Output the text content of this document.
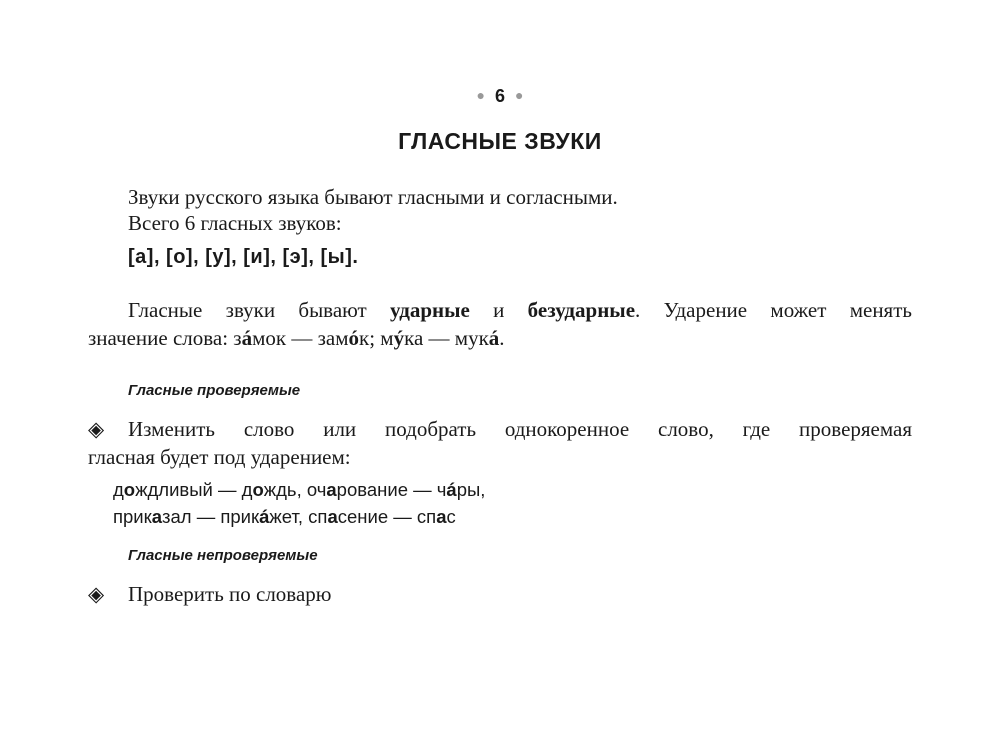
● 6 ●
ГЛАСНЫЕ ЗВУКИ
Звуки русского языка бывают гласными и согласными.
Всего 6 гласных звуков:
[а], [о], [у], [и], [э], [ы].
Гласные звуки бывают ударные и безударные. Ударение может менять
значение слова: зáмок — замóк; мýка — мукá.
Гласные проверяемые
◈ Изменить слово или подобрать однокоренное слово, где проверяемая
гласная будет под ударением:
дождливый — дождь, очарование — чáры,
приказал — прикáжет, спасение — спас
Гласные непроверяемые
◈ Проверить по словарю
